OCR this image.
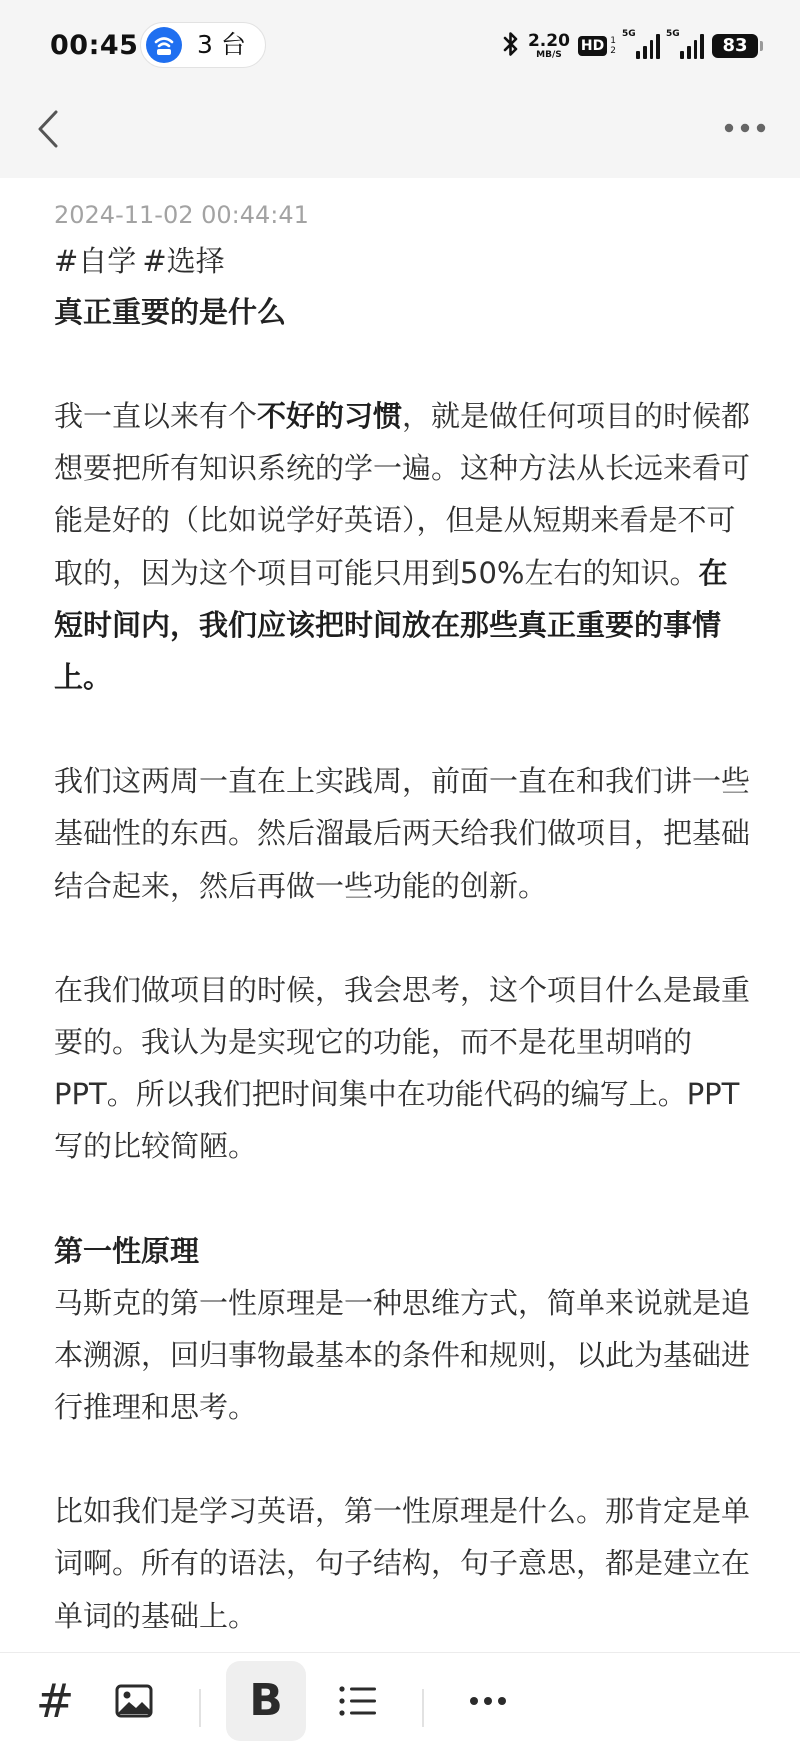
00:45 3 台	2.20
MB/S
HD 1
2
5G	5G
83
2024-11-02 00:44:41
#自学 #选择
真正重要的是什么

我一直以来有个不好的习惯，就是做任何项目的时候都想要把所有知识系统的学一遍。这种方法从长远来看可能是好的（比如说学好英语），但是从短期来看是不可取的，因为这个项目可能只用到50%左右的知识。在短时间内，我们应该把时间放在那些真正重要的事情上。

我们这两周一直在上实践周，前面一直在和我们讲一些基础性的东西。然后溜最后两天给我们做项目，把基础结合起来，然后再做一些功能的创新。

在我们做项目的时候，我会思考，这个项目什么是最重要的。我认为是实现它的功能，而不是花里胡哨的PPT。所以我们把时间集中在功能代码的编写上。PPT写的比较简陋。

第一性原理

马斯克的第一性原理是一种思维方式，简单来说就是追本溯源，回归事物最基本的条件和规则，以此为基础进行推理和思考。

比如我们是学习英语，第一性原理是什么。那肯定是单词啊。所有的语法，句子结构，句子意思，都是建立在单词的基础上。

#	B
